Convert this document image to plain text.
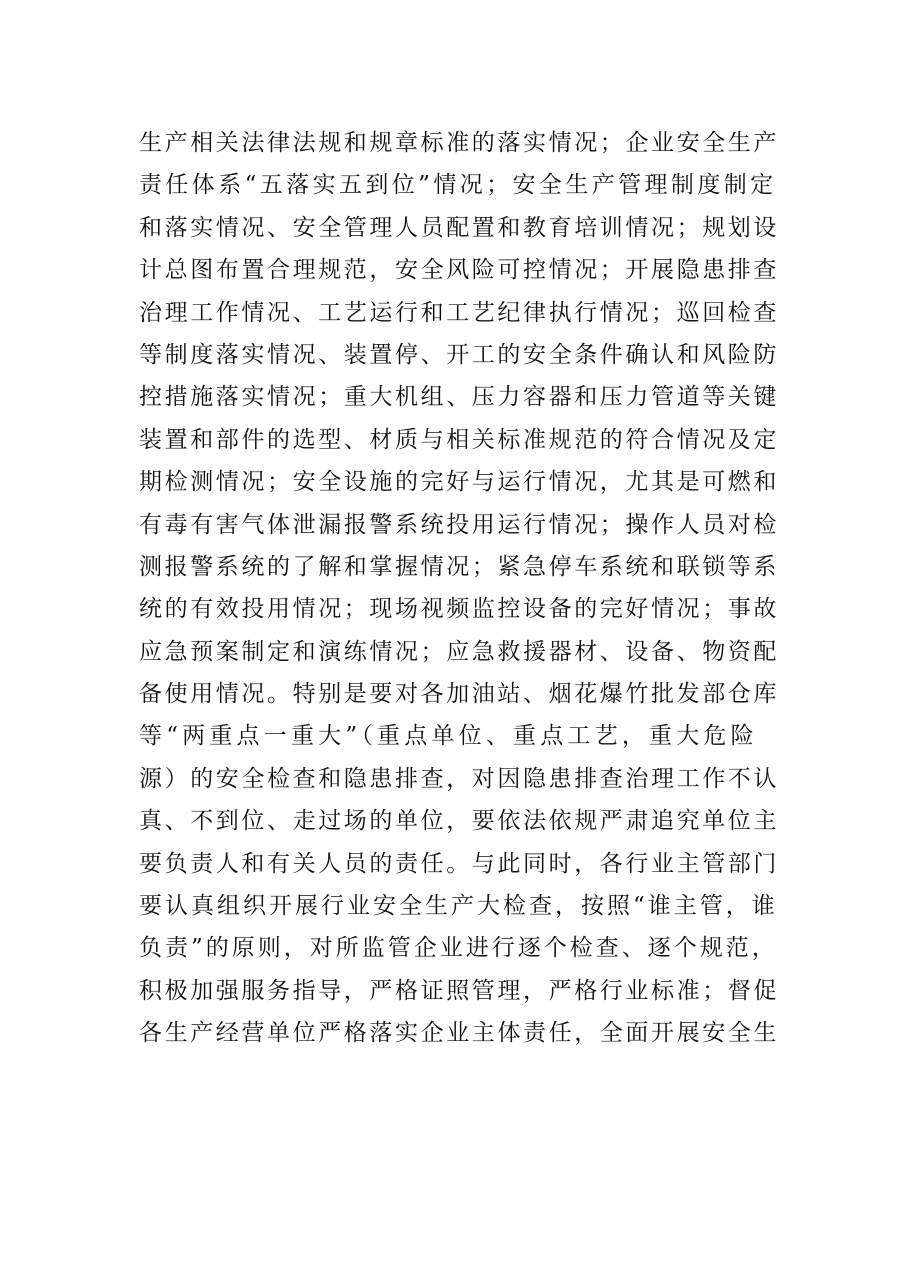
生产相关法律法规和规章标准的落实情况；企业安全生产
责任体系“五落实五到位”情况；安全生产管理制度制定
和落实情况、安全管理人员配置和教育培训情况；规划设
计总图布置合理规范，安全风险可控情况；开展隐患排查
治理工作情况、工艺运行和工艺纪律执行情况；巡回检查
等制度落实情况、装置停、开工的安全条件确认和风险防
控措施落实情况；重大机组、压力容器和压力管道等关键
装置和部件的选型、材质与相关标准规范的符合情况及定
期检测情况；安全设施的完好与运行情况，尤其是可燃和
有毒有害气体泄漏报警系统投用运行情况；操作人员对检
测报警系统的了解和掌握情况；紧急停车系统和联锁等系
统的有效投用情况；现场视频监控设备的完好情况；事故
应急预案制定和演练情况；应急救援器材、设备、物资配
备使用情况。特别是要对各加油站、烟花爆竹批发部仓库
等“两重点一重大”（重点单位、重点工艺，重大危险
源）的安全检查和隐患排查，对因隐患排查治理工作不认
真、不到位、走过场的单位，要依法依规严肃追究单位主
要负责人和有关人员的责任。与此同时，各行业主管部门
要认真组织开展行业安全生产大检查，按照“谁主管，谁
负责”的原则，对所监管企业进行逐个检查、逐个规范，
积极加强服务指导，严格证照管理，严格行业标准；督促
各生产经营单位严格落实企业主体责任，全面开展安全生
